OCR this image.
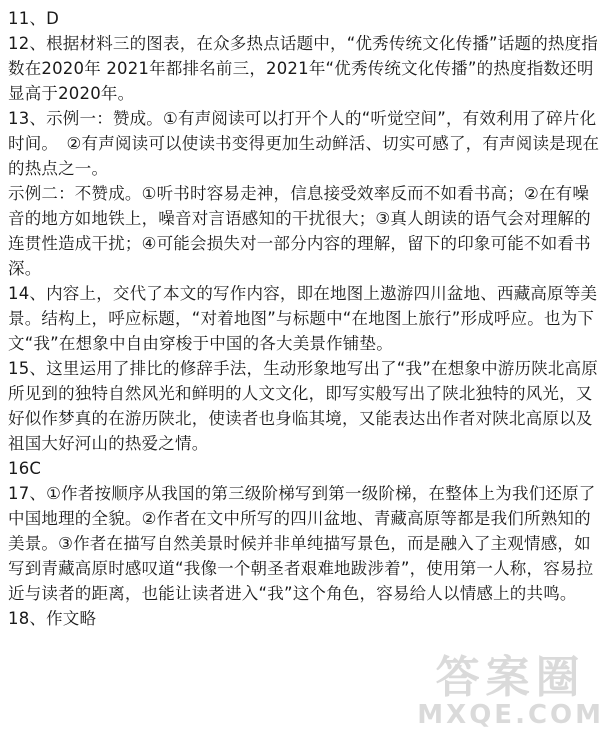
11、D

12、根据材料三的图表，在众多热点话题中，“优秀传统文化传播”话题的热度指数在2020年 2021年都排名前三，2021年“优秀传统文化传播”的热度指数还明显高于2020年。

13、示例一：赞成。①有声阅读可以打开个人的“听觉空间”，有效利用了碎片化时间。　②有声阅读可以使读书变得更加生动鲜活、切实可感了，有声阅读是现在的热点之一。

示例二：不赞成。①听书时容易走神，信息接受效率反而不如看书高；②在有噪音的地方如地铁上，噪音对言语感知的干扰很大；③真人朗读的语气会对理解的连贯性造成干扰；④可能会损失对一部分内容的理解，留下的印象可能不如看书深。

14、内容上，交代了本文的写作内容，即在地图上遨游四川盆地、西藏高原等美景。结构上，呼应标题，“对着地图”与标题中“在地图上旅行”形成呼应。也为下文“我”在想象中自由穿梭于中国的各大美景作铺垫。

15、这里运用了排比的修辞手法，生动形象地写出了“我”在想象中游历陕北高原所见到的独特自然风光和鲜明的人文文化，即写实般写出了陕北独特的风光，又好似作梦真的在游历陕北，使读者也身临其境，又能表达出作者对陕北高原以及祖国大好河山的热爱之情。

16C

17、①作者按顺序从我国的第三级阶梯写到第一级阶梯，在整体上为我们还原了中国地理的全貌。②作者在文中所写的四川盆地、青藏高原等都是我们所熟知的美景。③作者在描写自然美景时候并非单纯描写景色，而是融入了主观情感，如写到青藏高原时感叹道“我像一个朝圣者艰难地跋涉着”，使用第一人称，容易拉近与读者的距离，也能让读者进入“我”这个角色，容易给人以情感上的共鸣。

18、作文略

答案圈
MXQE.COM
